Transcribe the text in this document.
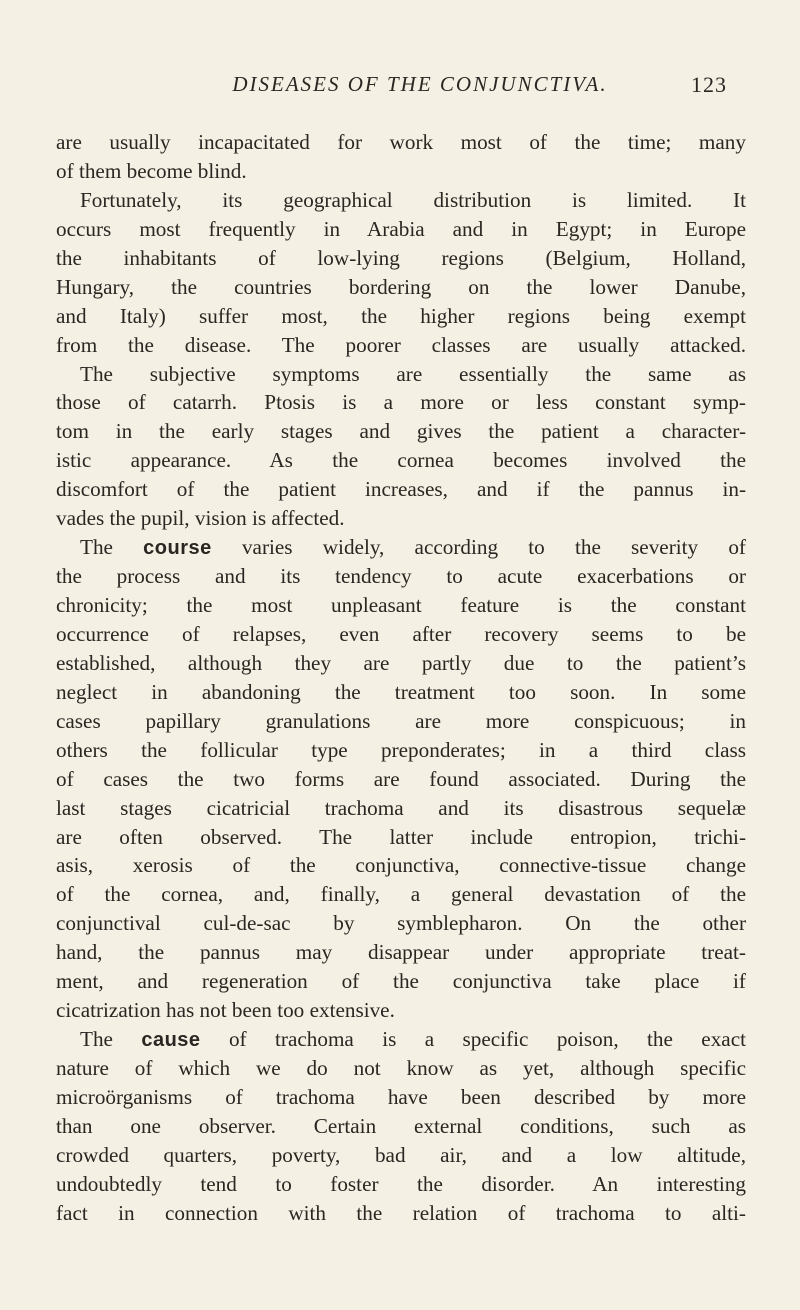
DISEASES OF THE CONJUNCTIVA.	123
are usually incapacitated for work most of the time; many
of them become blind.
Fortunately, its geographical distribution is limited. It
occurs most frequently in Arabia and in Egypt; in Europe
the inhabitants of low-lying regions (Belgium, Holland,
Hungary, the countries bordering on the lower Danube,
and Italy) suffer most, the higher regions being exempt
from the disease. The poorer classes are usually attacked.
The subjective symptoms are essentially the same as
those of catarrh. Ptosis is a more or less constant symp-
tom in the early stages and gives the patient a character-
istic appearance. As the cornea becomes involved the
discomfort of the patient increases, and if the pannus in-
vades the pupil, vision is affected.
The course varies widely, according to the severity of
the process and its tendency to acute exacerbations or
chronicity; the most unpleasant feature is the constant
occurrence of relapses, even after recovery seems to be
established, although they are partly due to the patient’s
neglect in abandoning the treatment too soon. In some
cases papillary granulations are more conspicuous; in
others the follicular type preponderates; in a third class
of cases the two forms are found associated. During the
last stages cicatricial trachoma and its disastrous sequelæ
are often observed. The latter include entropion, trichi-
asis, xerosis of the conjunctiva, connective-tissue change
of the cornea, and, finally, a general devastation of the
conjunctival cul-de-sac by symblepharon. On the other
hand, the pannus may disappear under appropriate treat-
ment, and regeneration of the conjunctiva take place if
cicatrization has not been too extensive.
The cause of trachoma is a specific poison, the exact
nature of which we do not know as yet, although specific
microörganisms of trachoma have been described by more
than one observer. Certain external conditions, such as
crowded quarters, poverty, bad air, and a low altitude,
undoubtedly tend to foster the disorder. An interesting
fact in connection with the relation of trachoma to alti-
